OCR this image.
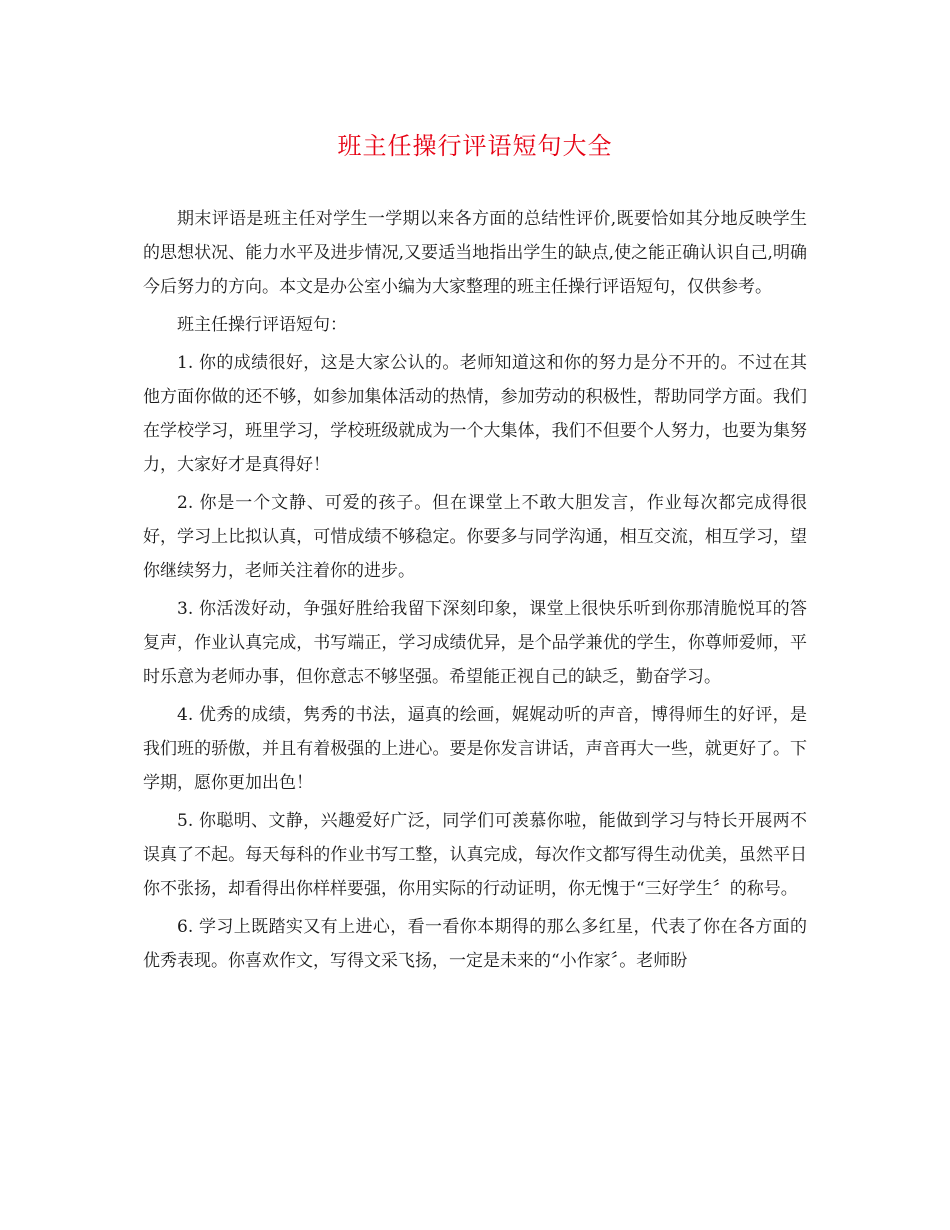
班主任操行评语短句大全

期末评语是班主任对学生一学期以来各方面的总结性评价,既要恰如其分地反映学生的思想状况、能力水平及进步情况,又要适当地指出学生的缺点,使之能正确认识自己,明确今后努力的方向。本文是办公室小编为大家整理的班主任操行评语短句，仅供参考。

班主任操行评语短句：

1. 你的成绩很好，这是大家公认的。老师知道这和你的努力是分不开的。不过在其他方面你做的还不够，如参加集体活动的热情，参加劳动的积极性，帮助同学方面。我们在学校学习，班里学习，学校班级就成为一个大集体，我们不但要个人努力，也要为集努力，大家好才是真得好！

2. 你是一个文静、可爱的孩子。但在课堂上不敢大胆发言，作业每次都完成得很好，学习上比拟认真，可惜成绩不够稳定。你要多与同学沟通，相互交流，相互学习，望你继续努力，老师关注着你的进步。

3. 你活泼好动，争强好胜给我留下深刻印象，课堂上很快乐听到你那清脆悦耳的答复声，作业认真完成，书写端正，学习成绩优异，是个品学兼优的学生，你尊师爱师，平时乐意为老师办事，但你意志不够坚强。希望能正视自己的缺乏，勤奋学习。

4. 优秀的成绩，隽秀的书法，逼真的绘画，娓娓动听的声音，博得师生的好评，是我们班的骄傲，并且有着极强的上进心。要是你发言讲话，声音再大一些，就更好了。下学期，愿你更加出色！

5. 你聪明、文静，兴趣爱好广泛，同学们可羡慕你啦，能做到学习与特长开展两不误真了不起。每天每科的作业书写工整，认真完成，每次作文都写得生动优美，虽然平日你不张扬，却看得出你样样要强，你用实际的行动证明，你无愧于“三好学生〞的称号。

6. 学习上既踏实又有上进心，看一看你本期得的那么多红星，代表了你在各方面的优秀表现。你喜欢作文，写得文采飞扬，一定是未来的“小作家〞。老师盼
